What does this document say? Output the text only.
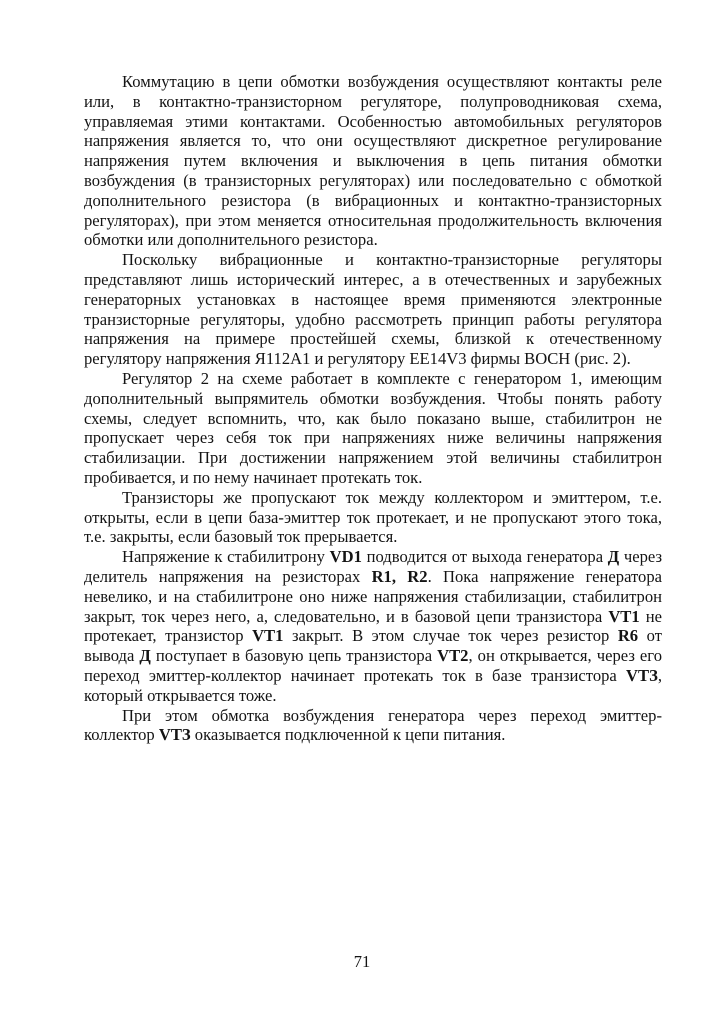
Коммутацию в цепи обмотки возбуждения осуществляют контакты реле или, в контактно-транзисторном регуляторе, полупроводниковая схема, управляемая этими контактами. Особенностью автомобильных регуляторов напряжения является то, что они осуществляют дискретное регулирование напряжения путем включения и выключения в цепь питания обмотки возбуждения (в транзисторных регуляторах) или последовательно с обмоткой дополнительного резистора (в вибрационных и контактно-транзисторных регуляторах), при этом меняется относительная продолжительность включения обмотки или дополнительного резистора.

Поскольку вибрационные и контактно-транзисторные регуляторы представляют лишь исторический интерес, а в отечественных и зарубежных генераторных установках в настоящее время применяются электронные транзисторные регуляторы, удобно рассмотреть принцип работы регулятора напряжения на примере простейшей схемы, близкой к отечественному регулятору напряжения Я112А1 и регулятору ЕЕ14V3 фирмы BOCH (рис. 2).

Регулятор 2 на схеме работает в комплекте с генератором 1, имеющим дополнительный выпрямитель обмотки возбуждения. Чтобы понять работу схемы, следует вспомнить, что, как было показано выше, стабилитрон не пропускает через себя ток при напряжениях ниже величины напряжения стабилизации. При достижении напряжением этой величины стабилитрон пробивается, и по нему начинает протекать ток.

Транзисторы же пропускают ток между коллектором и эмиттером, т.е. открыты, если в цепи база-эмиттер ток протекает, и не пропускают этого тока, т.е. закрыты, если базовый ток прерывается.

Напряжение к стабилитрону VD1 подводится от выхода генератора Д через делитель напряжения на резисторах R1, R2. Пока напряжение генератора невелико, и на стабилитроне оно ниже напряжения стабилизации, стабилитрон закрыт, ток через него, а, следовательно, и в базовой цепи транзистора VT1 не протекает, транзистор VT1 закрыт. В этом случае ток через резистор R6 от вывода Д поступает в базовую цепь транзистора VT2, он открывается, через его переход эмиттер-коллектор начинает протекать ток в базе транзистора VТЗ, который открывается тоже.

При этом обмотка возбуждения генератора через переход эмиттер-коллектор VТЗ оказывается подключенной к цепи питания.

71
